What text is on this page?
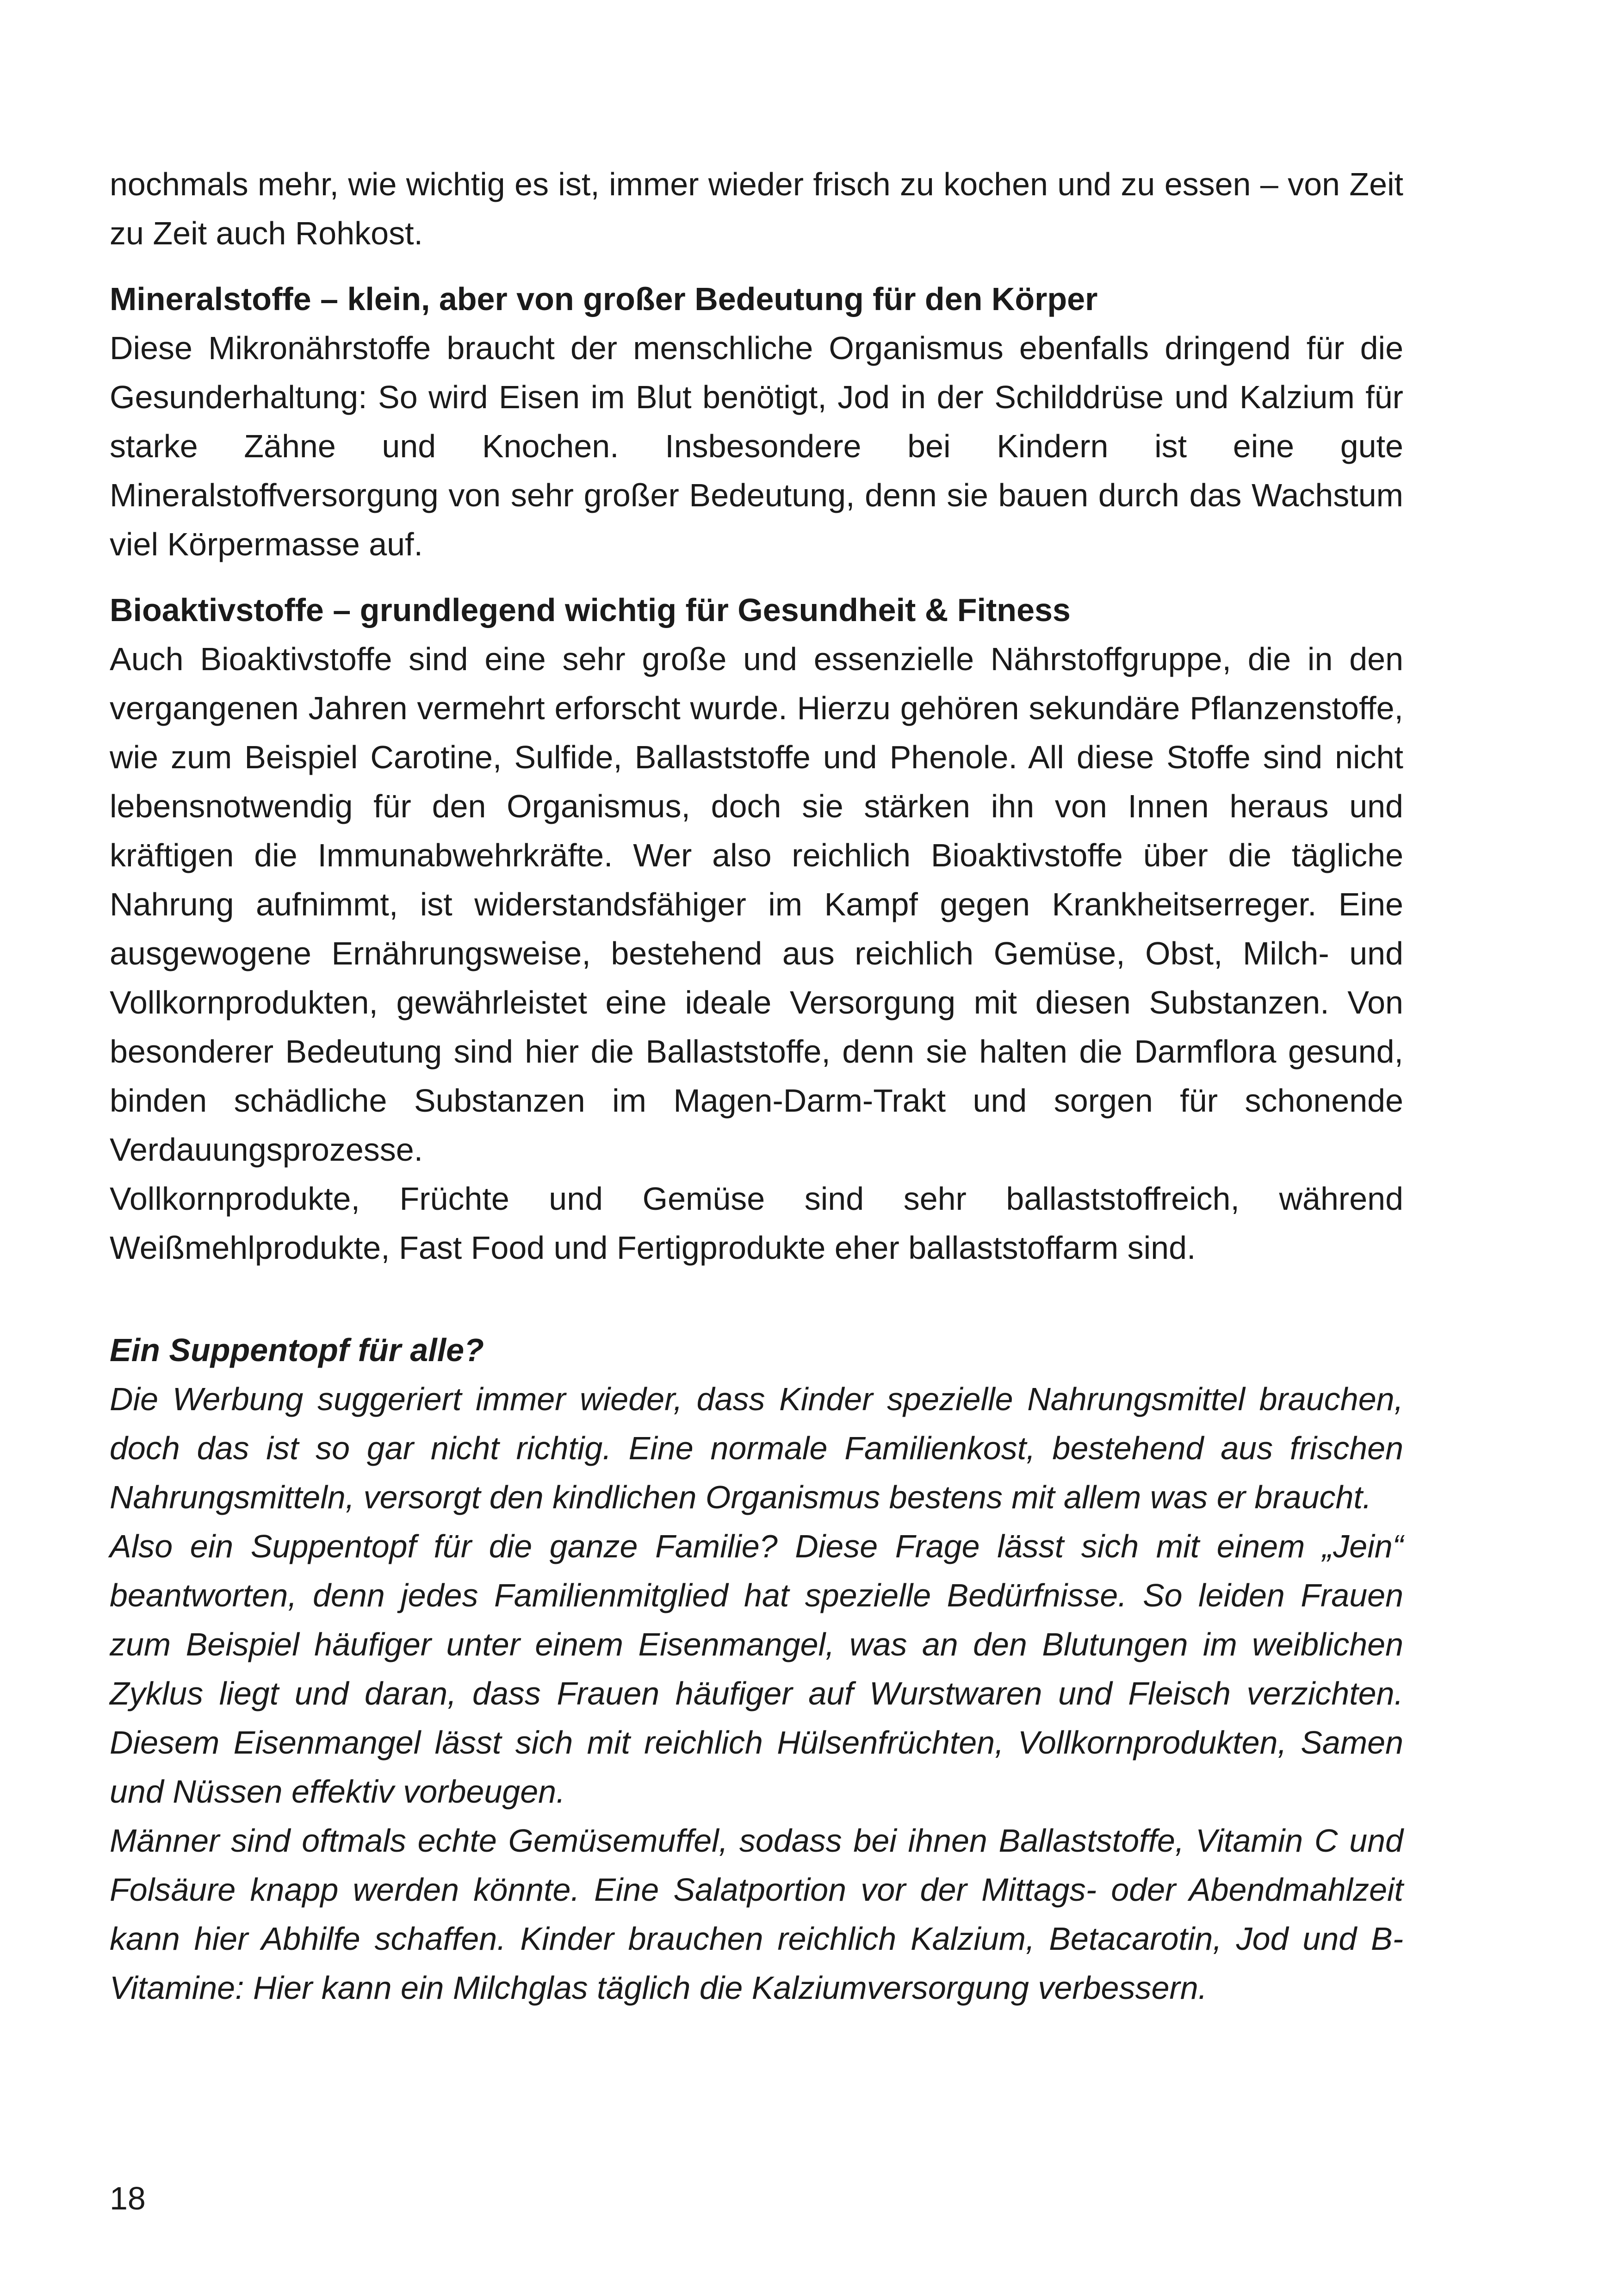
nochmals mehr, wie wichtig es ist, immer wieder frisch zu kochen und zu essen – von Zeit zu Zeit auch Rohkost.

Mineralstoffe – klein, aber von großer Bedeutung für den Körper

Diese Mikronährstoffe braucht der menschliche Organismus ebenfalls dringend für die Gesunderhaltung: So wird Eisen im Blut benötigt, Jod in der Schilddrüse und Kalzium für starke Zähne und Knochen. Insbesondere bei Kindern ist eine gute Mineralstoffversorgung von sehr großer Bedeutung, denn sie bauen durch das Wachstum viel Körpermasse auf.

Bioaktivstoffe – grundlegend wichtig für Gesundheit & Fitness

Auch Bioaktivstoffe sind eine sehr große und essenzielle Nährstoffgruppe, die in den vergangenen Jahren vermehrt erforscht wurde. Hierzu gehören sekundäre Pflanzenstoffe, wie zum Beispiel Carotine, Sulfide, Ballaststoffe und Phenole. All diese Stoffe sind nicht lebensnotwendig für den Organismus, doch sie stärken ihn von Innen heraus und kräftigen die Immunabwehrkräfte. Wer also reichlich Bioaktivstoffe über die tägliche Nahrung aufnimmt, ist widerstandsfähiger im Kampf gegen Krankheitserreger. Eine ausgewogene Ernährungsweise, bestehend aus reichlich Gemüse, Obst, Milch- und Vollkornprodukten, gewährleistet eine ideale Versorgung mit diesen Substanzen. Von besonderer Bedeutung sind hier die Ballaststoffe, denn sie halten die Darmflora gesund, binden schädliche Substanzen im Magen-Darm-Trakt und sorgen für schonende Verdauungsprozesse.

Vollkornprodukte, Früchte und Gemüse sind sehr ballaststoffreich, während Weißmehlprodukte, Fast Food und Fertigprodukte eher ballaststoffarm sind.

Ein Suppentopf für alle?

Die Werbung suggeriert immer wieder, dass Kinder spezielle Nahrungsmittel brauchen, doch das ist so gar nicht richtig. Eine normale Familienkost, bestehend aus frischen Nahrungsmitteln, versorgt den kindlichen Organismus bestens mit allem was er braucht.

Also ein Suppentopf für die ganze Familie? Diese Frage lässt sich mit einem „Jein“ beantworten, denn jedes Familienmitglied hat spezielle Bedürfnisse. So leiden Frauen zum Beispiel häufiger unter einem Eisenmangel, was an den Blutungen im weiblichen Zyklus liegt und daran, dass Frauen häufiger auf Wurstwaren und Fleisch verzichten. Diesem Eisenmangel lässt sich mit reichlich Hülsenfrüchten, Vollkornprodukten, Samen und Nüssen effektiv vorbeugen.

Männer sind oftmals echte Gemüsemuffel, sodass bei ihnen Ballaststoffe, Vitamin C und Folsäure knapp werden könnte. Eine Salatportion vor der Mittags- oder Abendmahlzeit kann hier Abhilfe schaffen. Kinder brauchen reichlich Kalzium, Betacarotin, Jod und B-Vitamine: Hier kann ein Milchglas täglich die Kalziumversorgung verbessern.

18
